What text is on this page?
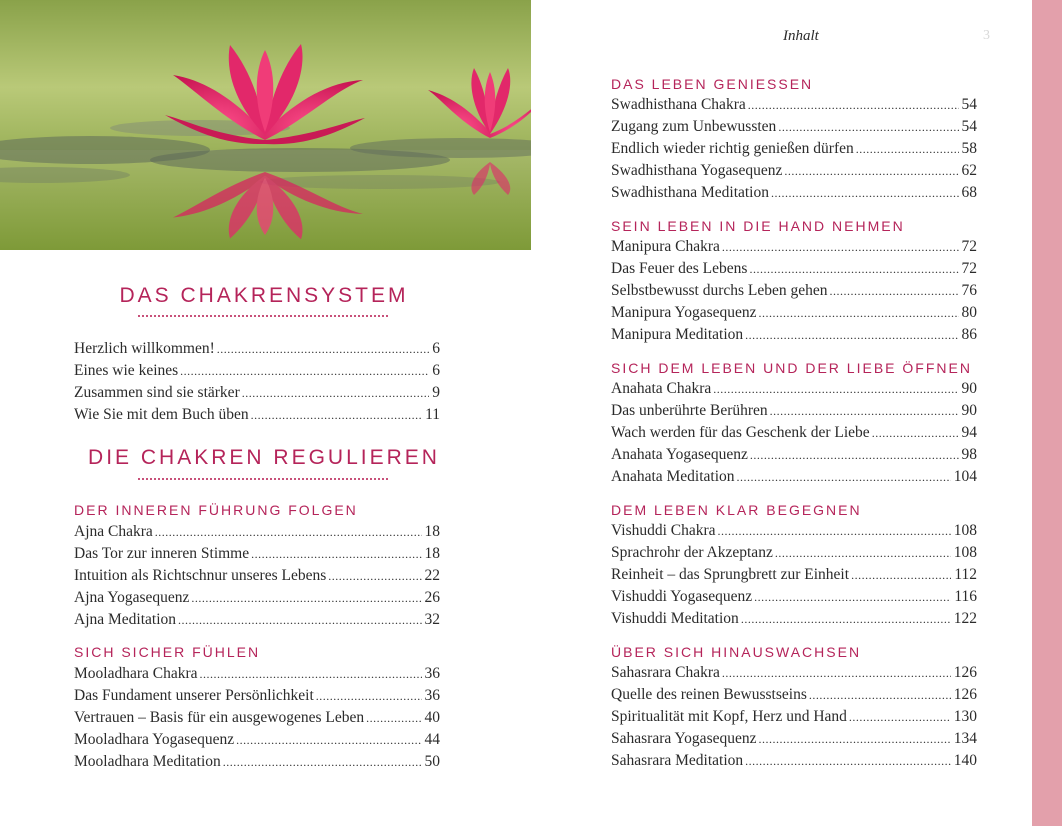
DAS CHAKRENSYSTEM
Herzlich willkommen! .....	6
Eines wie keines .....	6
Zusammen sind sie stärker .....	9
Wie Sie mit dem Buch üben .....	11
DIE CHAKREN REGULIEREN
DER INNEREN FÜHRUNG FOLGEN
Ajna Chakra .....	18
Das Tor zur inneren Stimme .....	18
Intuition als Richtschnur unseres Lebens .....	22
Ajna Yogasequenz .....	26
Ajna Meditation .....	32
SICH SICHER FÜHLEN
Mooladhara Chakra .....	36
Das Fundament unserer Persönlichkeit .....	36
Vertrauen – Basis für ein ausgewogenes Leben .....	40
Mooladhara Yogasequenz .....	44
Mooladhara Meditation .....	50
Inhalt	3
DAS LEBEN GENIESSEN
Swadhisthana Chakra .....	54
Zugang zum Unbewussten .....	54
Endlich wieder richtig genießen dürfen .....	58
Swadhisthana Yogasequenz .....	62
Swadhisthana Meditation .....	68
SEIN LEBEN IN DIE HAND NEHMEN
Manipura Chakra .....	72
Das Feuer des Lebens .....	72
Selbstbewusst durchs Leben gehen .....	76
Manipura Yogasequenz .....	80
Manipura Meditation .....	86
SICH DEM LEBEN UND DER LIEBE ÖFFNEN
Anahata Chakra .....	90
Das unberührte Berühren .....	90
Wach werden für das Geschenk der Liebe .....	94
Anahata Yogasequenz .....	98
Anahata Meditation .....	104
DEM LEBEN KLAR BEGEGNEN
Vishuddi Chakra .....	108
Sprachrohr der Akzeptanz .....	108
Reinheit – das Sprungbrett zur Einheit .....	112
Vishuddi Yogasequenz .....	116
Vishuddi Meditation .....	122
ÜBER SICH HINAUSWACHSEN
Sahasrara Chakra .....	126
Quelle des reinen Bewusstseins .....	126
Spiritualität mit Kopf, Herz und Hand .....	130
Sahasrara Yogasequenz .....	134
Sahasrara Meditation .....	140
